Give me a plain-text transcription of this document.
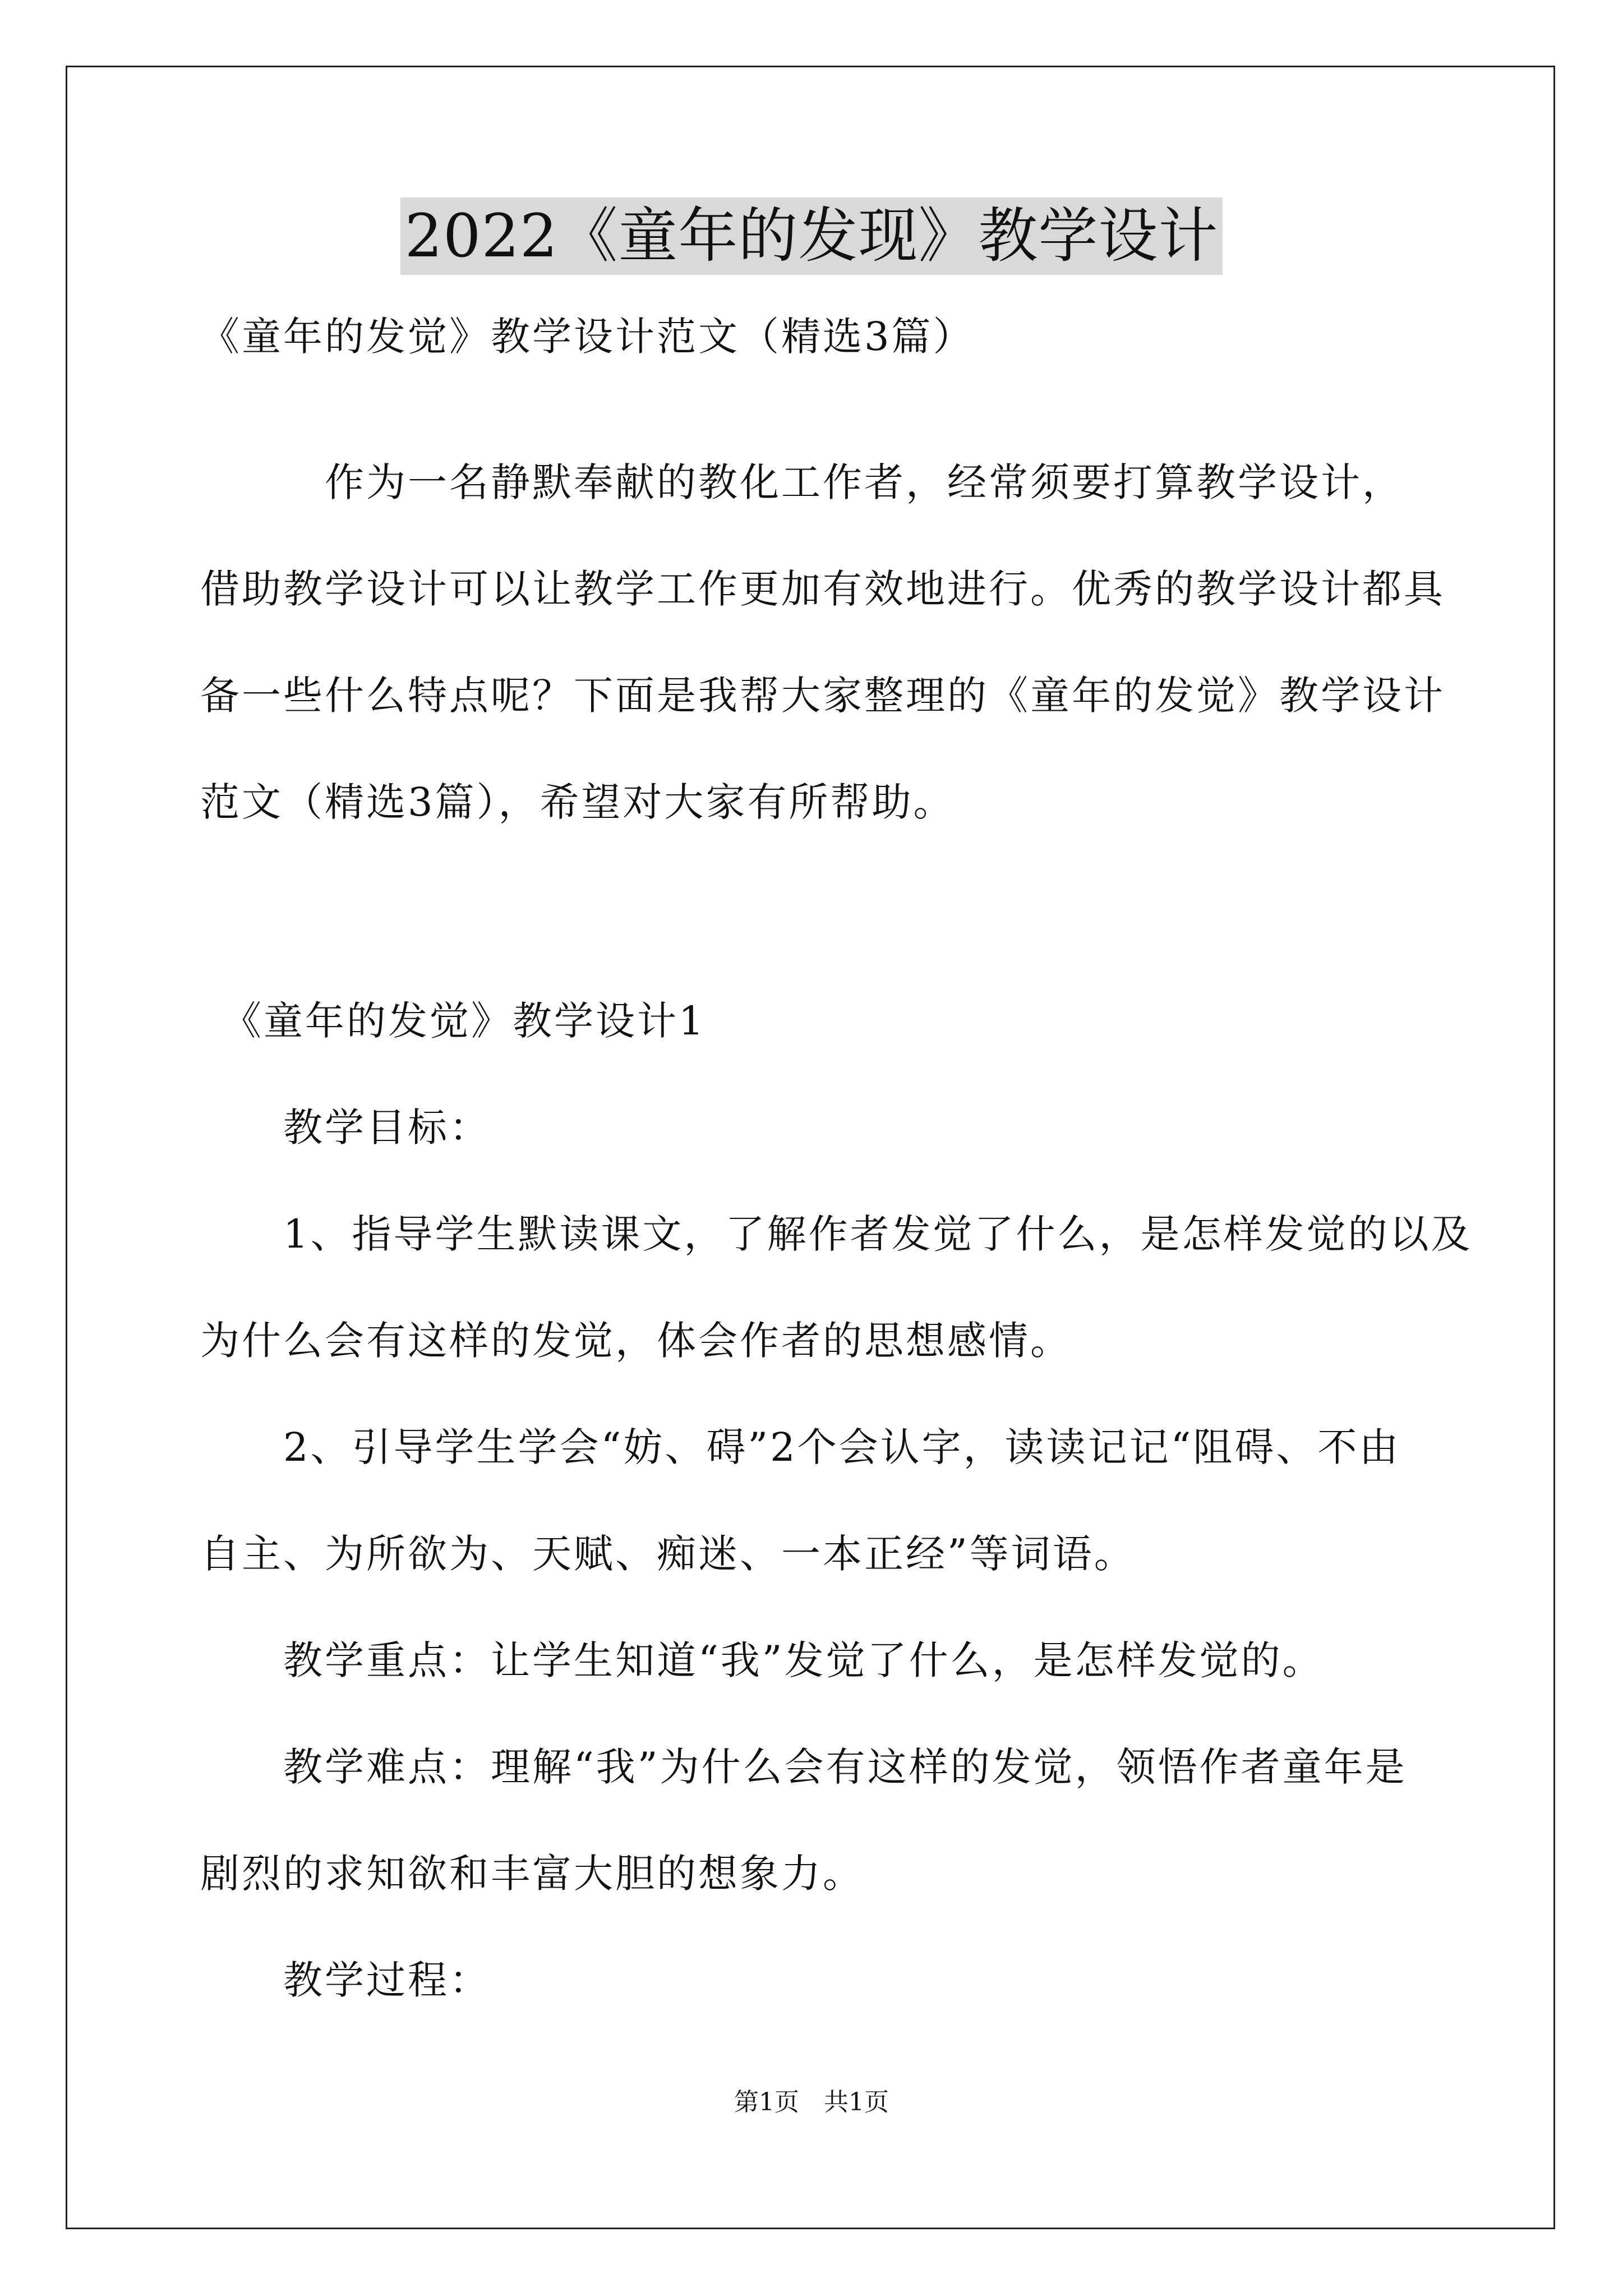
2022《童年的发现》教学设计
《童年的发觉》教学设计范文（精选3篇）
　　　作为一名静默奉献的教化工作者，经常须要打算教学设计，
借助教学设计可以让教学工作更加有效地进行。优秀的教学设计都具
备一些什么特点呢？下面是我帮大家整理的《童年的发觉》教学设计
范文（精选3篇），希望对大家有所帮助。
　《童年的发觉》教学设计1
　　教学目标：
　　1、指导学生默读课文，了解作者发觉了什么，是怎样发觉的以及
为什么会有这样的发觉，体会作者的思想感情。
　　2、引导学生学会“妨、碍”2个会认字，读读记记“阻碍、不由
自主、为所欲为、天赋、痴迷、一本正经”等词语。
　　教学重点：让学生知道“我”发觉了什么，是怎样发觉的。
　　教学难点：理解“我”为什么会有这样的发觉，领悟作者童年是
剧烈的求知欲和丰富大胆的想象力。
　　教学过程：
第1页　共1页
